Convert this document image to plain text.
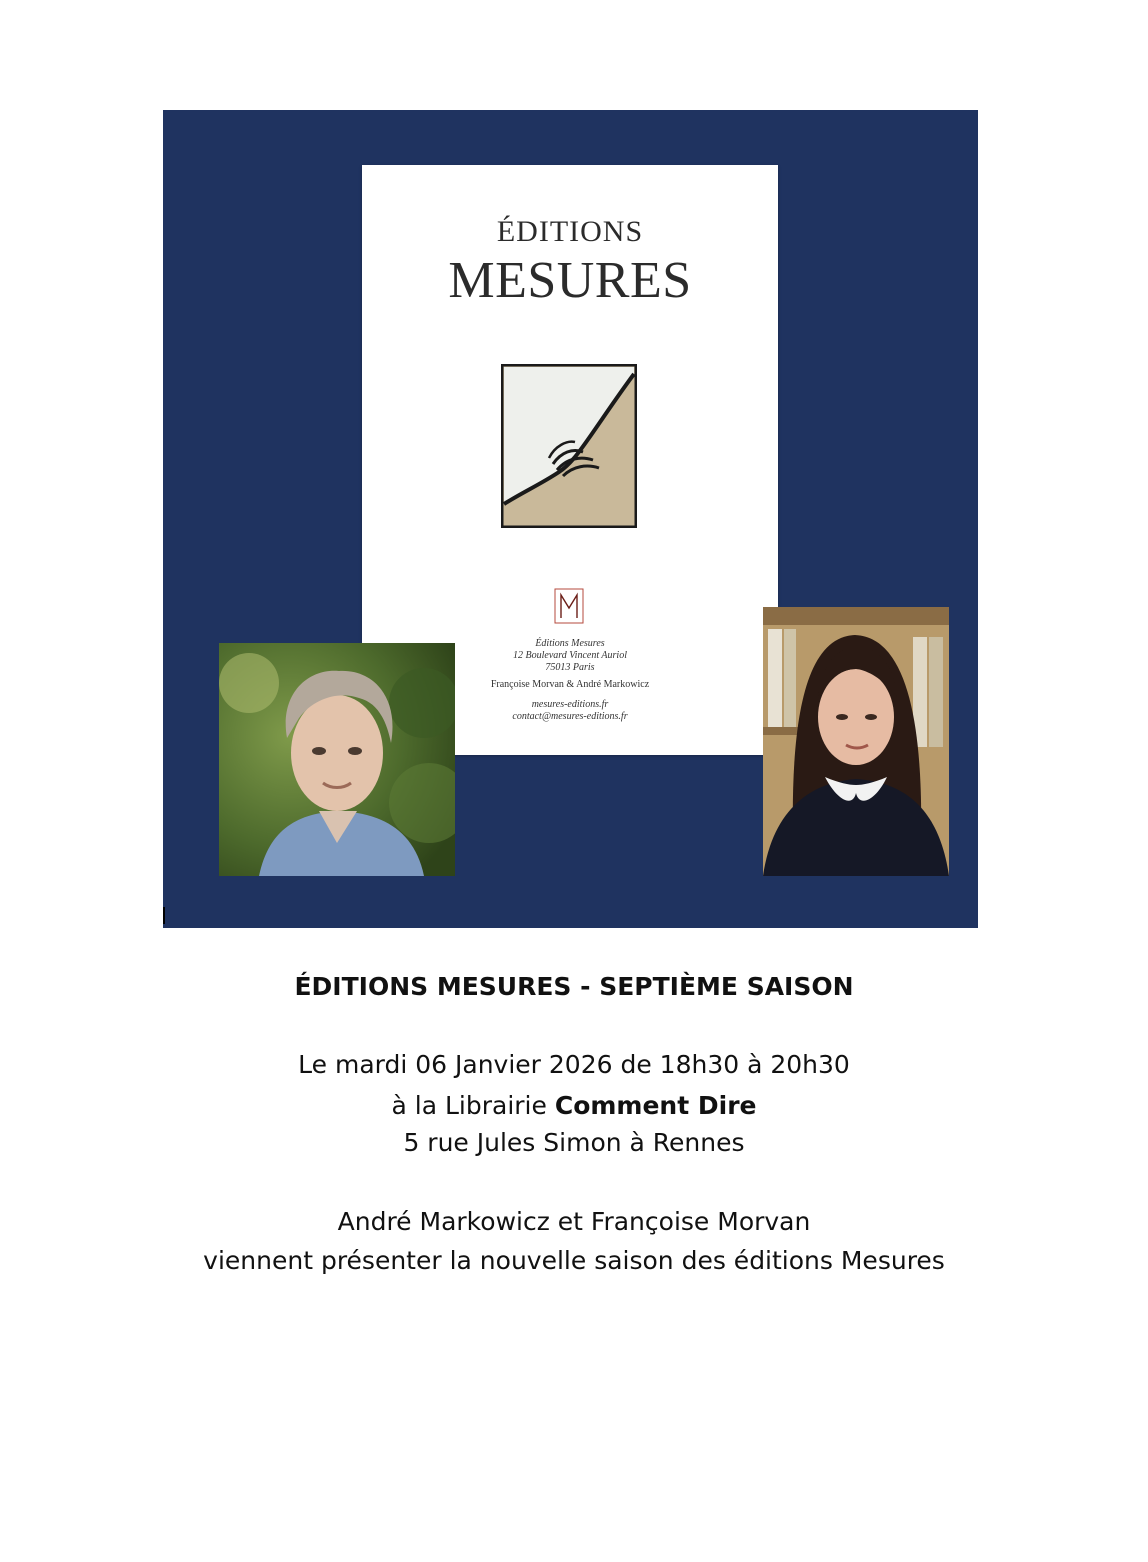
ÉDITIONS
MESURES
Éditions Mesures
12 Boulevard Vincent Auriol
75013 Paris
Françoise Morvan & André Markowicz
mesures-editions.fr
contact@mesures-editions.fr
ÉDITIONS MESURES - SEPTIÈME SAISON
Le mardi 06 Janvier 2026 de 18h30 à 20h30
à la Librairie Comment Dire
5 rue Jules Simon à Rennes
André Markowicz et Françoise Morvan
viennent présenter la nouvelle saison des éditions Mesures
